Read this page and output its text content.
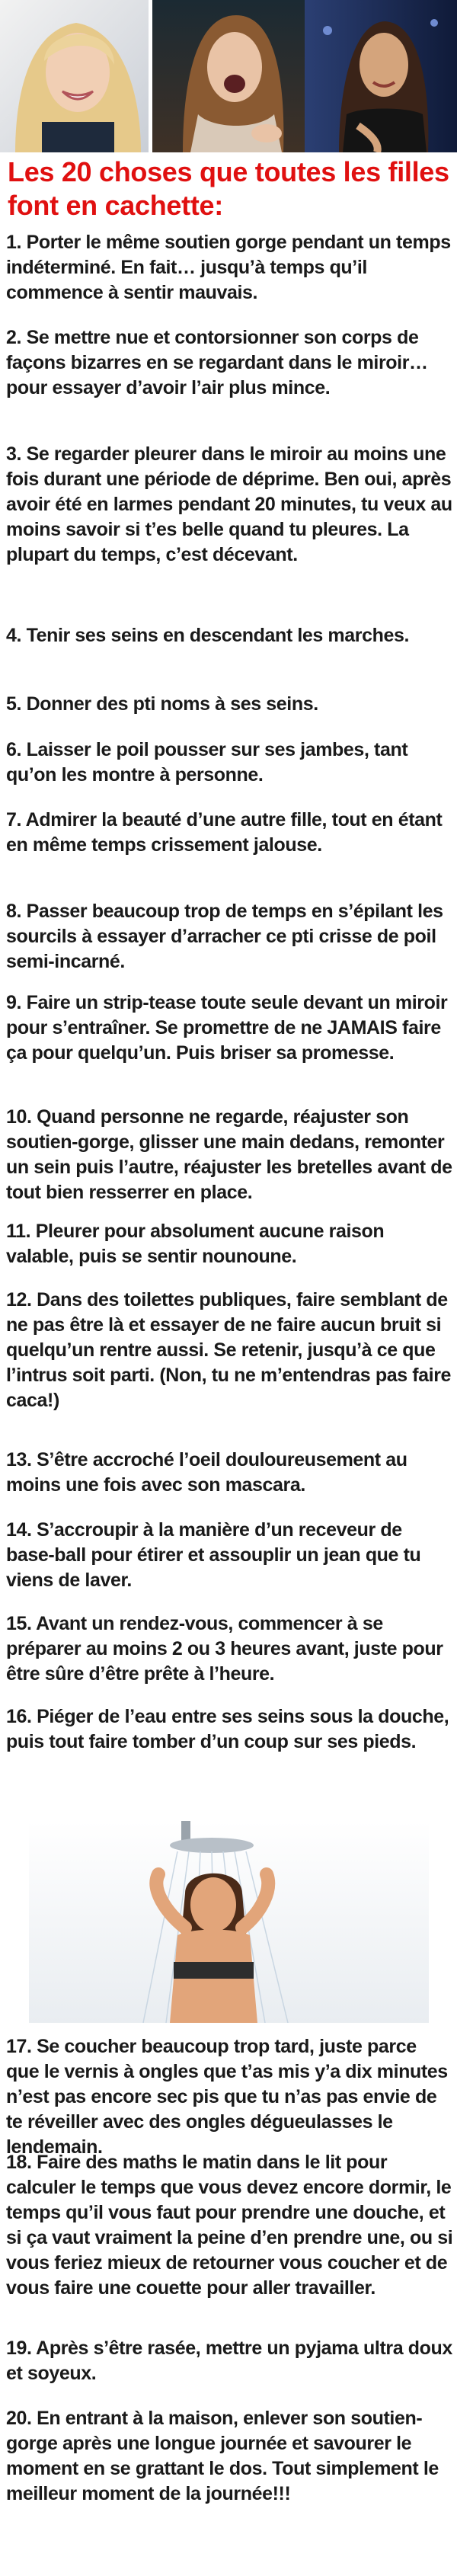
Les 20 choses que toutes les filles font en cachette:

1. Porter le même soutien gorge pendant un temps indéterminé. En fait… jusqu’à temps qu’il commence à sentir mauvais.

2. Se mettre nue et contorsionner son corps de façons bizarres en se regardant dans le miroir… pour essayer d’avoir l’air plus mince.

3. Se regarder pleurer dans le miroir au moins une fois durant une période de déprime. Ben oui, après avoir été en larmes pendant 20 minutes, tu veux au moins savoir si t’es belle quand tu pleures. La plupart du temps, c’est décevant.

4. Tenir ses seins en descendant les marches.

5. Donner des pti noms à ses seins.

6. Laisser le poil pousser sur ses jambes, tant qu’on les montre à personne.

7. Admirer la beauté d’une autre fille, tout en étant en même temps crissement jalouse.

8. Passer beaucoup trop de temps en s’épilant les sourcils à essayer d’arracher ce pti crisse de poil semi-incarné.

9. Faire un strip-tease toute seule devant un miroir pour s’entraîner. Se promettre de ne JAMAIS faire ça pour quelqu’un. Puis briser sa promesse.

10. Quand personne ne regarde, réajuster son soutien-gorge, glisser une main dedans, remonter un sein puis l’autre, réajuster les bretelles avant de tout bien resserrer en place.

11. Pleurer pour absolument aucune raison valable, puis se sentir nounoune.

12. Dans des toilettes publiques, faire semblant de ne pas être là et essayer de ne faire aucun bruit si quelqu’un rentre aussi. Se retenir, jusqu’à ce que l’intrus soit parti. (Non, tu ne m’entendras pas faire caca!)

13. S’être accroché l’oeil douloureusement au moins une fois avec son mascara.

14. S’accroupir à la manière d’un receveur de base-ball pour étirer et assouplir un jean que tu viens de laver.

15. Avant un rendez-vous, commencer à se préparer au moins 2 ou 3 heures avant, juste pour être sûre d’être prête à l’heure.

16. Piéger de l’eau entre ses seins sous la douche, puis tout faire tomber d’un coup sur ses pieds.

17. Se coucher beaucoup trop tard, juste parce que le vernis à ongles que t’as mis y’a dix minutes n’est pas encore sec pis que tu n’as pas envie de te réveiller avec des ongles dégueulasses le lendemain.

18. Faire des maths le matin dans le lit pour calculer le temps que vous devez encore dormir, le temps qu’il vous faut pour prendre une douche, et si ça vaut vraiment la peine d’en prendre une, ou si vous feriez mieux de retourner vous coucher et de vous faire une couette pour aller travailler.

19. Après s’être rasée, mettre un pyjama ultra doux et soyeux.

20. En entrant à la maison, enlever son soutien-gorge après une longue journée et savourer le moment en se grattant le dos. Tout simplement le meilleur moment de la journée!!!
